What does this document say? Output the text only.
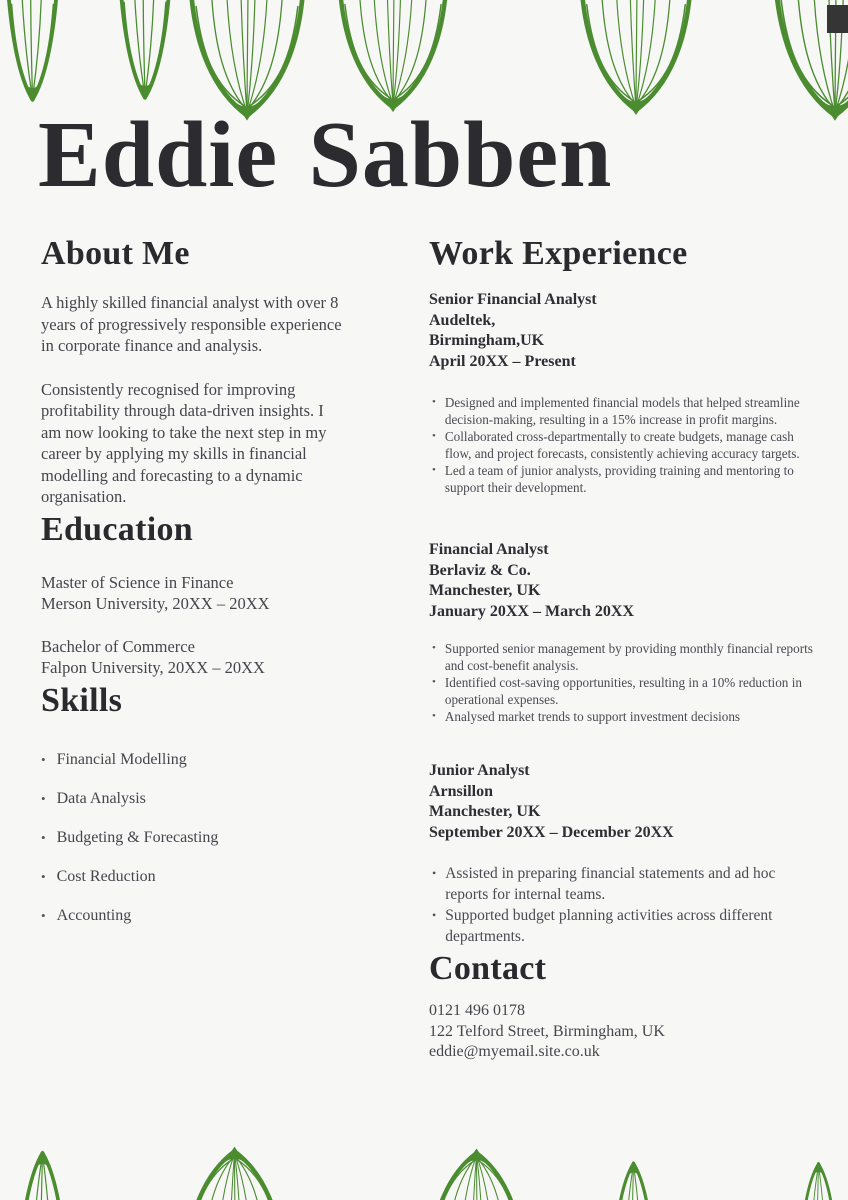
Eddie Sabben
About Me

A highly skilled financial analyst with over 8 years of progressively responsible experience in corporate finance and analysis.

Consistently recognised for improving profitability through data-driven insights. I am now looking to take the next step in my career by applying my skills in financial modelling and forecasting to a dynamic organisation.

Education
Master of Science in Finance
Merson University, 20XX – 20XX
Bachelor of Commerce
Falpon University, 20XX – 20XX
Skills
• Financial Modelling
• Data Analysis
• Budgeting & Forecasting
• Cost Reduction
• Accounting
Work Experience
Senior Financial Analyst
Audeltek,
Birmingham,UK
April 20XX – Present
• Designed and implemented financial models that helped streamline decision-making, resulting in a 15% increase in profit margins.
• Collaborated cross-departmentally to create budgets, manage cash flow, and project forecasts, consistently achieving accuracy targets.
• Led a team of junior analysts, providing training and mentoring to support their development.
Financial Analyst
Berlaviz & Co.
Manchester, UK
January 20XX – March 20XX
• Supported senior management by providing monthly financial reports and cost-benefit analysis.
• Identified cost-saving opportunities, resulting in a 10% reduction in operational expenses.
• Analysed market trends to support investment decisions
Junior Analyst
Arnsillon
Manchester, UK
September 20XX – December 20XX
• Assisted in preparing financial statements and ad hoc reports for internal teams.
• Supported budget planning activities across different departments.
Contact
0121 496 0178
122 Telford Street, Birmingham, UK
eddie@myemail.site.co.uk
